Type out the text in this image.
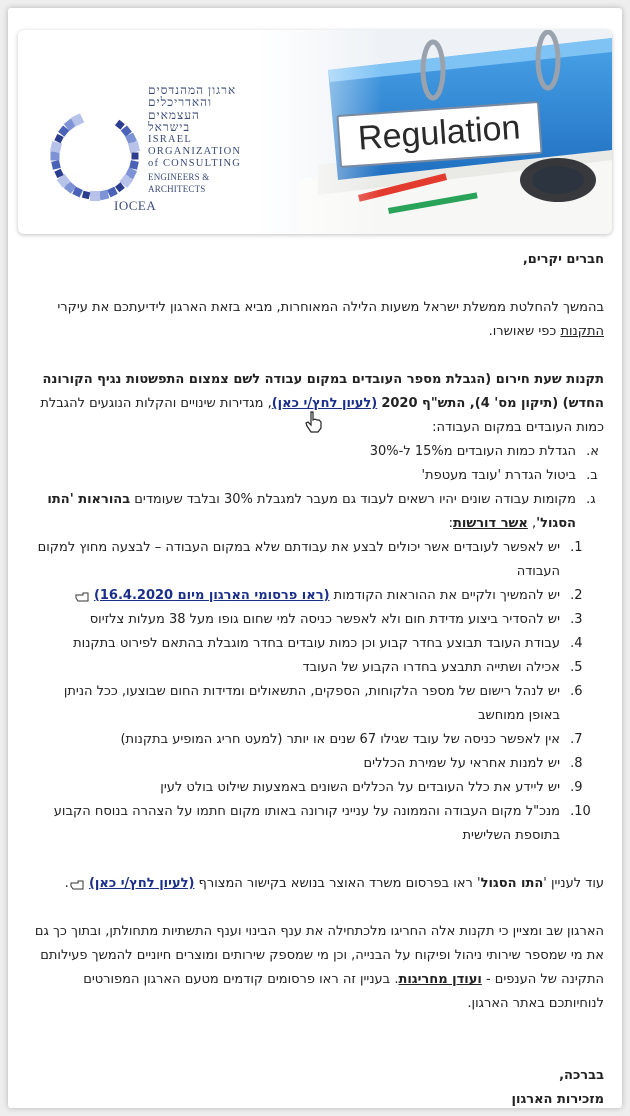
ארגון המהנדסים
והאדריכלים
העצמאים
בישראל
ISRAEL
ORGANIZATION
of CONSULTING
ENGINEERS & ARCHITECTS
IOCEA
Regulation

חברים יקרים,

בהמשך להחלטת ממשלת ישראל משעות הלילה המאוחרות, מביא בזאת הארגון לידיעתכם את עיקרי התקנות כפי שאושרו.

תקנות שעת חירום (הגבלת מספר העובדים במקום עבודה לשם צמצום התפשטות נגיף הקורונה החדש) (תיקון מס' 4), התש"ף 2020 (לעיון לחץ/י כאן), מגדירות שינויים והקלות הנוגעים להגבלת כמות העובדים במקום העבודה:

1. הגדלת כמות העובדים מ15% ל-30%
2. ביטול הגדרת 'עובד מעטפת'
3. מקומות עבודה שונים יהיו רשאים לעבוד גם מעבר למגבלת 30% ובלבד שעומדים בהוראות 'התו הסגול', אשר דורשות:
1. יש לאפשר לעובדים אשר יכולים לבצע את עבודתם שלא במקום העבודה – לבצעה מחוץ למקום העבודה
2. יש להמשיך ולקיים את ההוראות הקודמות (ראו פרסומי הארגון מיום 16.4.2020)
3. יש להסדיר ביצוע מדידת חום ולא לאפשר כניסה למי שחום גופו מעל 38 מעלות צלזיוס
4. עבודת העובד תבוצע בחדר קבוע וכן כמות עובדים בחדר מוגבלת בהתאם לפירוט בתקנות
5. אכילה ושתייה תתבצע בחדרו הקבוע של העובד
6. יש לנהל רישום של מספר הלקוחות, הספקים, התשאולים ומדידות החום שבוצעו, ככל הניתן באופן ממוחשב
7. אין לאפשר כניסה של עובד שגילו 67 שנים או יותר (למעט חריג המופיע בתקנות)
8. יש למנות אחראי על שמירת הכללים
9. יש ליידע את כלל העובדים על הכללים השונים באמצעות שילוט בולט לעין
10. מנכ"ל מקום העבודה והממונה על ענייני קורונה באותו מקום חתמו על הצהרה בנוסח הקבוע בתוספת השלישית

עוד לעניין 'התו הסגול' ראו בפרסום משרד האוצר בנושא בקישור המצורף (לעיון לחץ/י כאן) .

הארגון שב ומציין כי תקנות אלה החריגו מלכתחילה את ענף הבינוי וענף התשתיות מתחולתן, ובתוך כך גם את מי שמספר שירותי ניהול ופיקוח על הבנייה, וכן מי שמספק שירותים ומוצרים חיוניים להמשך פעילותם התקינה של הענפים - ועודן מחריגות. בעניין זה ראו פרסומים קודמים מטעם הארגון המפורטים לנוחיותכם באתר הארגון.

בברכה,

מזכירות הארגון
